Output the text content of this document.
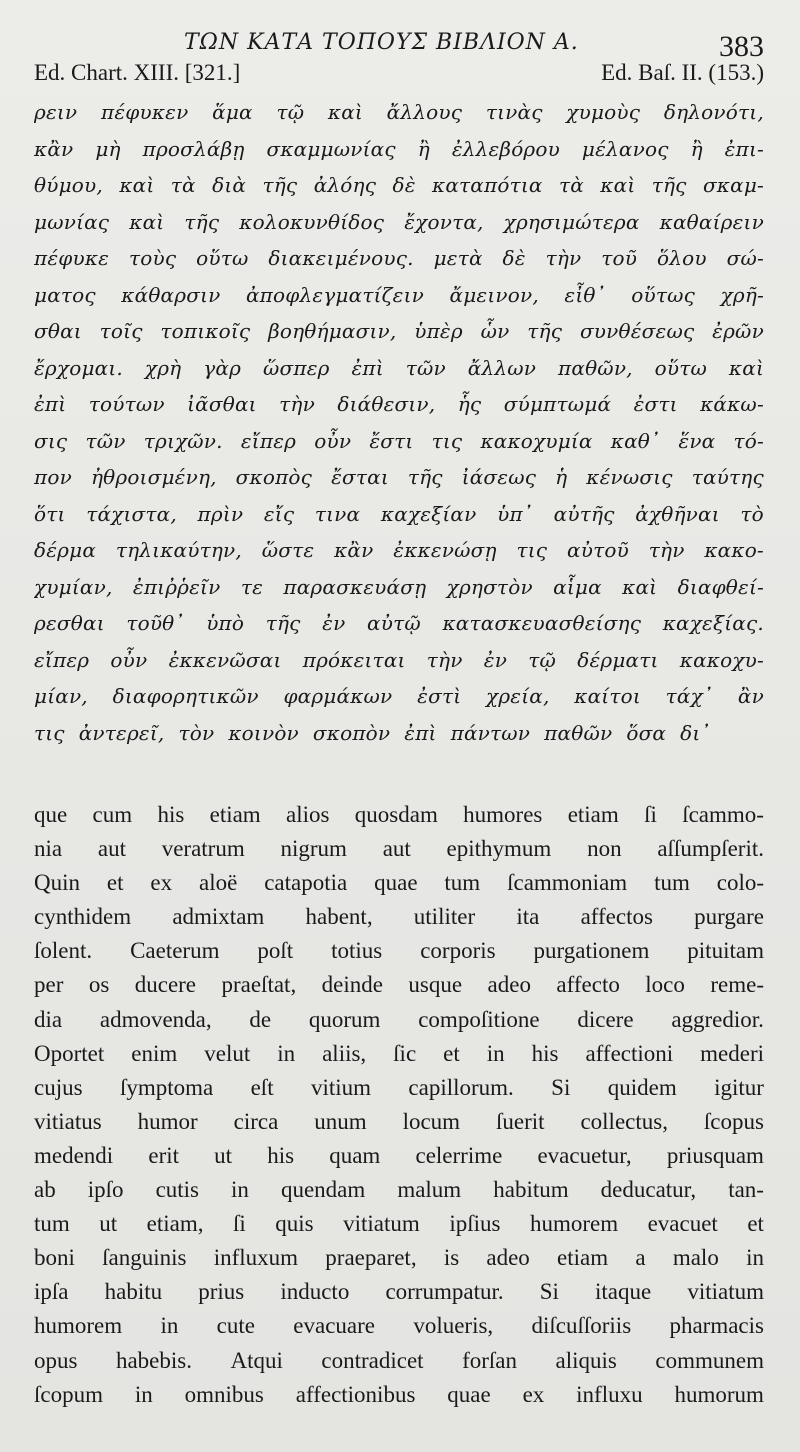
ΤΩΝ ΚΑΤΑ ΤΟΠΟΥΣ ΒΙΒΛΙΟΝ Α.	383
Ed. Chart. XIII. [321.]	Ed. Baſ. II. (153.)
ρειν πέφυκεν ἅμα τῷ καὶ ἄλλους τινὰς χυμοὺς δηλονότι,
κἂν μὴ προσλάβῃ σκαμμωνίας ἢ ἐλλεβόρου μέλανος ἢ ἐπι-
θύμου, καὶ τὰ διὰ τῆς ἀλόης δὲ καταπότια τὰ καὶ τῆς σκαμ-
μωνίας καὶ τῆς κολοκυνθίδος ἔχοντα, χρησιμώτερα καθαίρειν
πέφυκε τοὺς οὕτω διακειμένους. μετὰ δὲ τὴν τοῦ ὅλου σώ-
ματος κάθαρσιν ἀποφλεγματίζειν ἄμεινον, εἶθ᾽ οὕτως χρῆ-
σθαι τοῖς τοπικοῖς βοηθήμασιν, ὑπὲρ ὧν τῆς συνθέσεως ἐρῶν
ἔρχομαι. χρὴ γὰρ ὥσπερ ἐπὶ τῶν ἄλλων παθῶν, οὕτω καὶ
ἐπὶ τούτων ἰᾶσθαι τὴν διάθεσιν, ἧς σύμπτωμά ἐστι κάκω-
σις τῶν τριχῶν. εἴπερ οὖν ἔστι τις κακοχυμία καθ᾽ ἕνα τό-
πον ἠθροισμένη, σκοπὸς ἔσται τῆς ἰάσεως ἡ κένωσις ταύτης
ὅτι τάχιστα, πρὶν εἴς τινα καχεξίαν ὑπ᾽ αὐτῆς ἀχθῆναι τὸ
δέρμα τηλικαύτην, ὥστε κἂν ἐκκενώσῃ τις αὐτοῦ τὴν κακο-
χυμίαν, ἐπιῤῥεῖν τε παρασκευάσῃ χρηστὸν αἷμα καὶ διαφθεί-
ρεσθαι τοῦθ᾽ ὑπὸ τῆς ἐν αὐτῷ κατασκευασθείσης καχεξίας.
εἴπερ οὖν ἐκκενῶσαι πρόκειται τὴν ἐν τῷ δέρματι κακοχυ-
μίαν, διαφορητικῶν φαρμάκων ἐστὶ χρεία, καίτοι τάχ᾽ ἂν
τις ἀντερεῖ, τὸν κοινὸν σκοπὸν ἐπὶ πάντων παθῶν ὅσα δι᾽
que cum his etiam alios quosdam humores etiam ſi ſcammo-
nia aut veratrum nigrum aut epithymum non aſſumpſerit.
Quin et ex aloë catapotia quae tum ſcammoniam tum colo-
cynthidem admixtam habent, utiliter ita affectos purgare
ſolent. Caeterum poſt totius corporis purgationem pituitam
per os ducere praeſtat, deinde usque adeo affecto loco reme-
dia admovenda, de quorum compoſitione dicere aggredior.
Oportet enim velut in aliis, ſic et in his affectioni mederi
cujus ſymptoma eſt vitium capillorum. Si quidem igitur
vitiatus humor circa unum locum ſuerit collectus, ſcopus
medendi erit ut his quam celerrime evacuetur, priusquam
ab ipſo cutis in quendam malum habitum deducatur, tan-
tum ut etiam, ſi quis vitiatum ipſius humorem evacuet et
boni ſanguinis influxum praeparet, is adeo etiam a malo in
ipſa habitu prius inducto corrumpatur. Si itaque vitiatum
humorem in cute evacuare volueris, diſcuſſoriis pharmacis
opus habebis. Atqui contradicet forſan aliquis communem
ſcopum in omnibus affectionibus quae ex influxu humorum
